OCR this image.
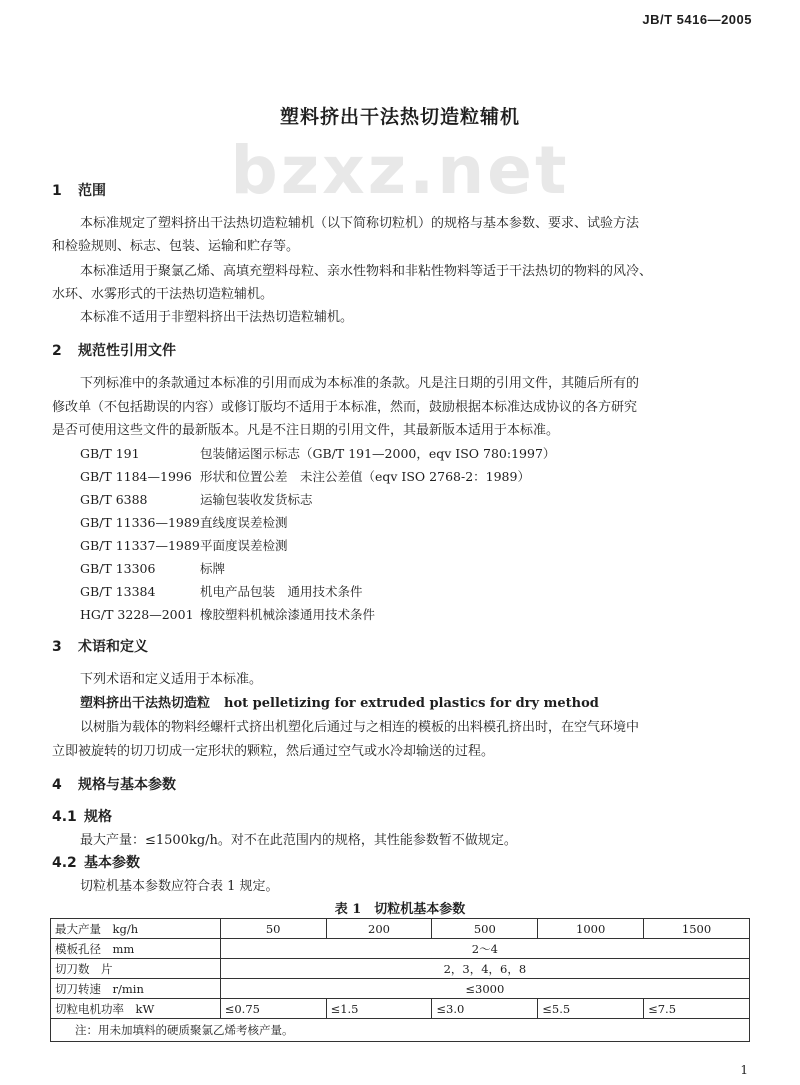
JB/T 5416—2005
bzxz.net
塑料挤出干法热切造粒辅机
1 范围
本标准规定了塑料挤出干法热切造粒辅机（以下简称切粒机）的规格与基本参数、要求、试验方法
和检验规则、标志、包装、运输和贮存等。
本标准适用于聚氯乙烯、高填充塑料母粒、亲水性物料和非粘性物料等适于干法热切的物料的风冷、
水环、水雾形式的干法热切造粒辅机。
本标准不适用于非塑料挤出干法热切造粒辅机。
2 规范性引用文件
下列标准中的条款通过本标准的引用而成为本标准的条款。凡是注日期的引用文件，其随后所有的
修改单（不包括勘误的内容）或修订版均不适用于本标准，然而，鼓励根据本标准达成协议的各方研究
是否可使用这些文件的最新版本。凡是不注日期的引用文件，其最新版本适用于本标准。
GB/T 191	包装储运图示标志（GB/T 191—2000，eqv ISO 780:1997）
GB/T 1184—1996 形状和位置公差　未注公差值（eqv ISO 2768-2：1989）
GB/T 6388	运输包装收发货标志
GB/T 11336—1989直线度误差检测
GB/T 11337—1989平面度误差检测
GB/T 13306	标牌
GB/T 13384	机电产品包装　通用技术条件
HG/T 3228—2001 橡胶塑料机械涂漆通用技术条件
3 术语和定义
下列术语和定义适用于本标准。
塑料挤出干法热切造粒 hot pelletizing for extruded plastics for dry method
以树脂为载体的物料经螺杆式挤出机塑化后通过与之相连的模板的出料模孔挤出时，在空气环境中
立即被旋转的切刀切成一定形状的颗粒，然后通过空气或水冷却输送的过程。
4 规格与基本参数
4.1 规格
最大产量：≤1500kg/h。对不在此范围内的规格，其性能参数暂不做规定。
4.2 基本参数
切粒机基本参数应符合表 1 规定。
表 1　切粒机基本参数
最大产量　kg/h	50	200	500	1000	1500
模板孔径　mm	2～4				
切刀数　片	2，3，4，6，8				
切刀转速　r/min	≤3000				
切粒电机功率　kW	≤0.75	≤1.5	≤3.0	≤5.5	≤7.5
注：用未加填料的硬质聚氯乙烯考核产量。					
1
